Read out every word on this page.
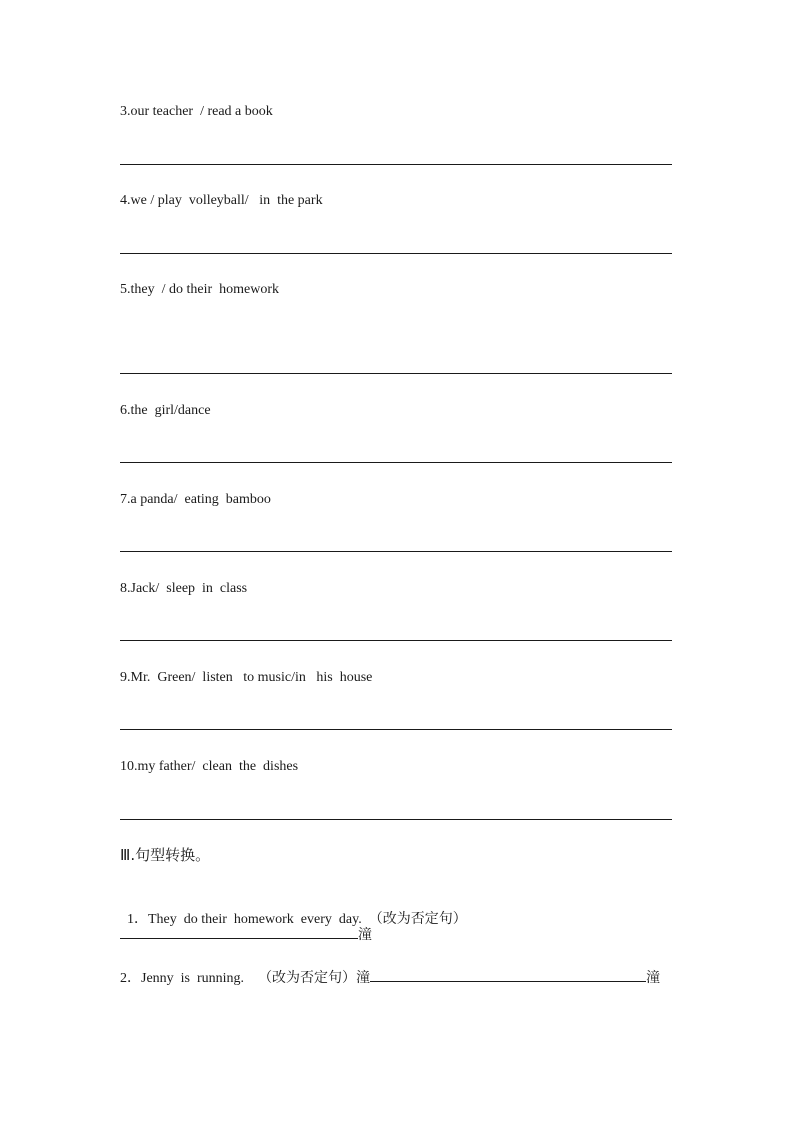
3.our teacher  / read a book
4.we / play  volleyball/   in  the park
5.they  / do their  homework
6.the  girl/dance
7.a panda/  eating  bamboo
8.Jack/  sleep  in  class
9.Mr.  Green/  listen   to music/in   his  house
10.my father/  clean  the  dishes
Ⅲ.句型转换。

1．They  do their  homework  every  day. （改为否定句）

潼
2．Jenny  is  running. （改为否定句）潼	潼
